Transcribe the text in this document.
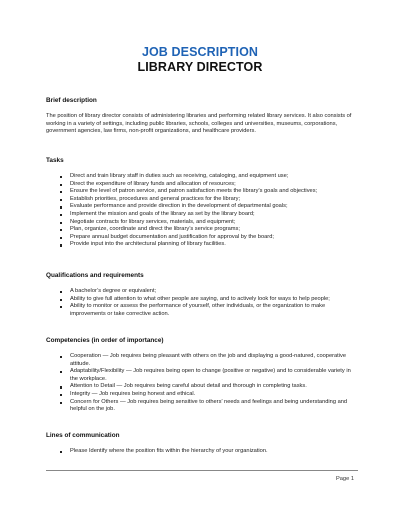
JOB DESCRIPTION
LIBRARY DIRECTOR
Brief description

The position of library director consists of administering libraries and performing related library services. It also consists of working in a variety of settings, including public libraries, schools, colleges and universities, museums, corporations, government agencies, law firms, non-profit organizations, and healthcare providers.

Tasks
Direct and train library staff in duties such as receiving, cataloging, and equipment use;
Direct the expenditure of library funds and allocation of resources;
Ensure the level of patron service, and patron satisfaction meets the library’s goals and objectives;
Establish priorities, procedures and general practices for the library;
Evaluate performance and provide direction in the development of departmental goals;
Implement the mission and goals of the library as set by the library board;
Negotiate contracts for library services, materials, and equipment;
Plan, organize, coordinate and direct the library’s service programs;
Prepare annual budget documentation and justification for approval by the board;
Provide input into the architectural planning of library facilities.
Qualifications and requirements
A bachelor’s degree or equivalent;
Ability to give full attention to what other people are saying, and to actively look for ways to help people;
Ability to monitor or assess the performance of yourself, other individuals, or the organization to make improvements or take corrective action.
Competencies (in order of importance)
Cooperation — Job requires being pleasant with others on the job and displaying a good-natured, cooperative attitude.
Adaptability/Flexibility — Job requires being open to change (positive or negative) and to considerable variety in the workplace.
Attention to Detail — Job requires being careful about detail and thorough in completing tasks.
Integrity — Job requires being honest and ethical.
Concern for Others — Job requires being sensitive to others’ needs and feelings and being understanding and helpful on the job.
Lines of communication
Please Identify where the position fits within the hierarchy of your organization.
Page 1
